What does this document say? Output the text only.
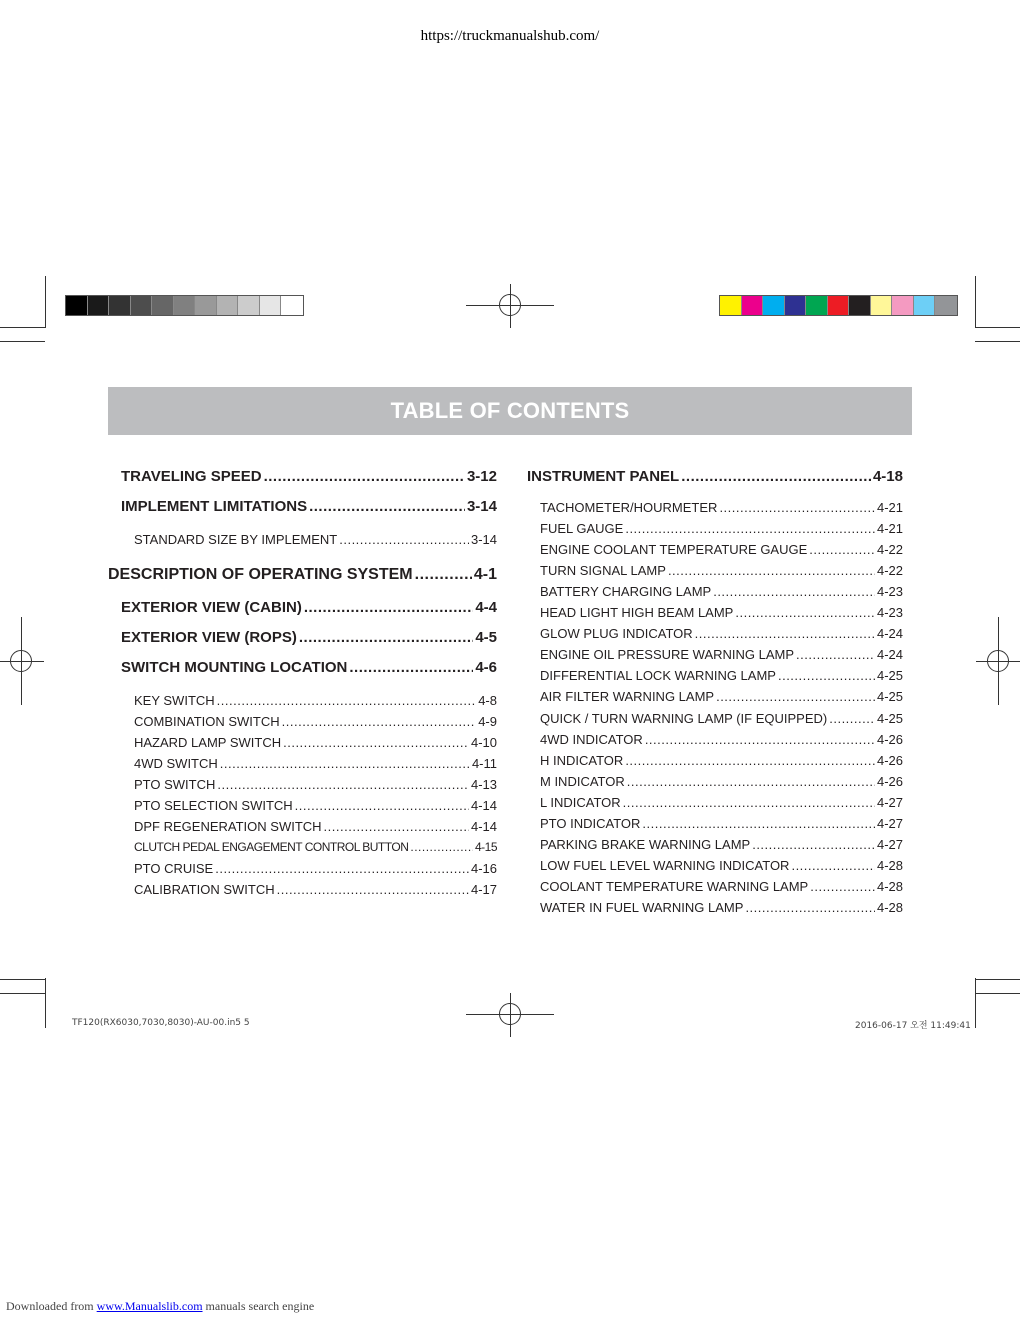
https://truckmanualshub.com/
TABLE OF CONTENTS
TRAVELING SPEED .....	3-12
IMPLEMENT LIMITATIONS .....	3-14
STANDARD SIZE BY IMPLEMENT .....	3-14
DESCRIPTION OF OPERATING SYSTEM .....	4-1
EXTERIOR VIEW (CABIN) .....	4-4
EXTERIOR VIEW (ROPS) .....	4-5
SWITCH MOUNTING LOCATION .....	4-6
KEY SWITCH .....	4-8
COMBINATION SWITCH .....	4-9
HAZARD LAMP SWITCH .....	4-10
4WD SWITCH .....	4-11
PTO SWITCH .....	4-13
PTO SELECTION SWITCH .....	4-14
DPF REGENERATION SWITCH .....	4-14
CLUTCH PEDAL ENGAGEMENT CONTROL BUTTON .....	4-15
PTO CRUISE .....	4-16
CALIBRATION SWITCH .....	4-17
INSTRUMENT PANEL .....	4-18
TACHOMETER/HOURMETER .....	4-21
FUEL GAUGE .....	4-21
ENGINE COOLANT TEMPERATURE GAUGE .....	4-22
TURN SIGNAL LAMP .....	4-22
BATTERY CHARGING LAMP .....	4-23
HEAD LIGHT HIGH BEAM LAMP .....	4-23
GLOW PLUG INDICATOR .....	4-24
ENGINE OIL PRESSURE WARNING LAMP .....	4-24
DIFFERENTIAL LOCK WARNING LAMP .....	4-25
AIR FILTER WARNING LAMP .....	4-25
QUICK / TURN WARNING LAMP (IF EQUIPPED) .....	4-25
4WD INDICATOR .....	4-26
H INDICATOR .....	4-26
M INDICATOR .....	4-26
L INDICATOR .....	4-27
PTO INDICATOR .....	4-27
PARKING BRAKE WARNING LAMP .....	4-27
LOW FUEL LEVEL WARNING INDICATOR .....	4-28
COOLANT TEMPERATURE WARNING LAMP .....	4-28
WATER IN FUEL WARNING LAMP .....	4-28
TF120(RX6030,7030,8030)-AU-00.in5 5	2016-06-17 오전 11:49:41
Downloaded from www.Manualslib.com manuals search engine
